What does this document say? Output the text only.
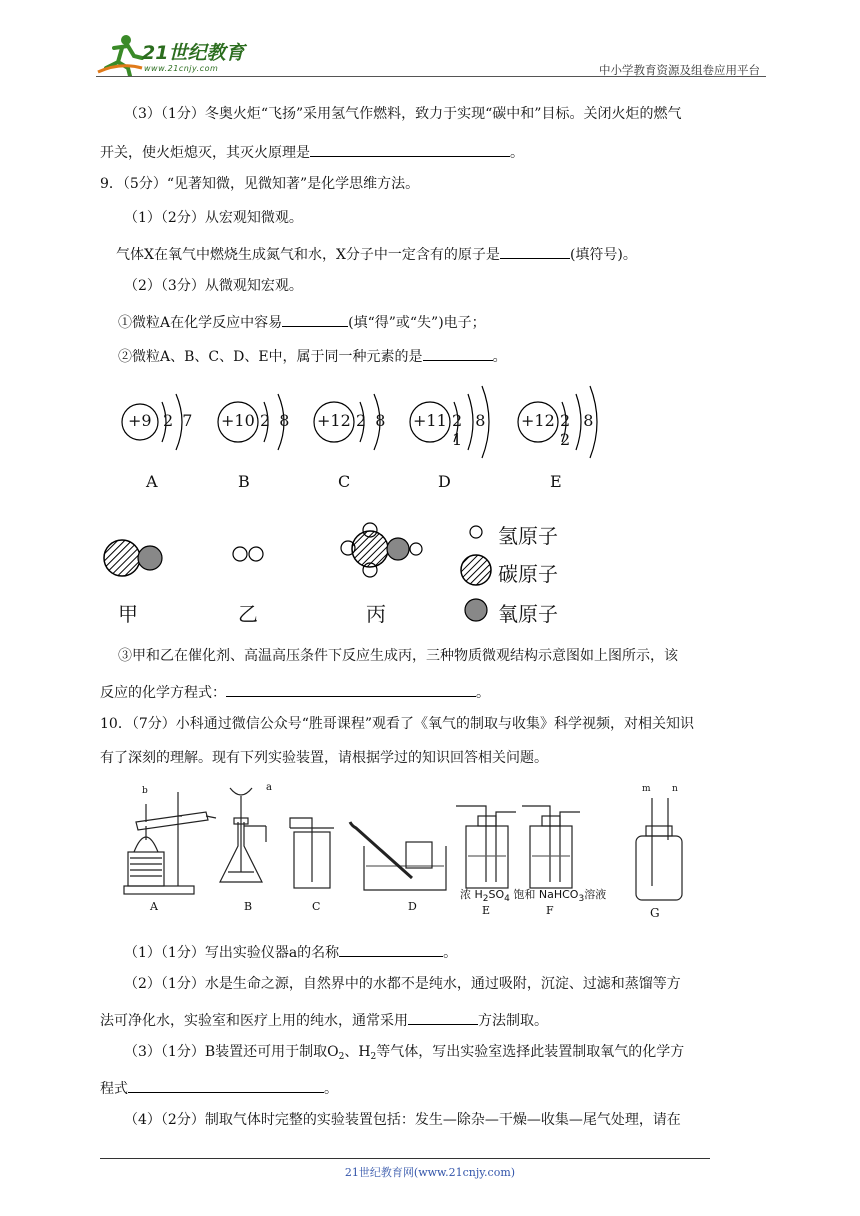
21世纪教育
www.21cnjy.com	中小学教育资源及组卷应用平台
（3）（1分）冬奥火炬“飞扬”采用氢气作燃料，致力于实现“碳中和”目标。关闭火炬的燃气
开关，使火炬熄灭，其灭火原理是	。
9．（5分）“见著知微，见微知著”是化学思维方法。
（1）（2分）从宏观知微观。
气体X在氧气中燃烧生成氮气和水，X分子中一定含有的原子是	(填符号)。
（2）（3分）从微观知宏观。
①微粒A在化学反应中容易	(填“得”或“失”)电子；
②微粒A、B、C、D、E中，属于同一种元素的是	。
+9 2 7
A
+10 2 8
B
+12 2 8
C
+11 2 8 1
D
+12 2 8 2
E
甲	乙	丙
氢原子
碳原子
氧原子
③甲和乙在催化剂、高温高压条件下反应生成丙，三种物质微观结构示意图如上图所示，该
反应的化学方程式：	。
10．（7分）小科通过微信公众号“胜哥课程”观看了《氧气的制取与收集》科学视频，对相关知识
有了深刻的理解。现有下列实验装置，请根据学过的知识回答相关问题。
A	B	C	D	E	F	G
b	a	m n
浓 $H_2SO_4$ 饱和 NaHCO$_3$溶液
（1）（1分）写出实验仪器a的名称	。
（2）（1分）水是生命之源，自然界中的水都不是纯水，通过吸附，沉淀、过滤和蒸馏等方
法可净化水，实验室和医疗上用的纯水，通常采用	方法制取。
（3）（1分）B装置还可用于制取$O_2$、$H_2$等气体，写出实验室选择此装置制取氧气的化学方
程式	。
（4）（2分）制取气体时完整的实验装置包括：发生—除杂—干燥—收集—尾气处理，请在
21世纪教育网(www.21cnjy.com)
